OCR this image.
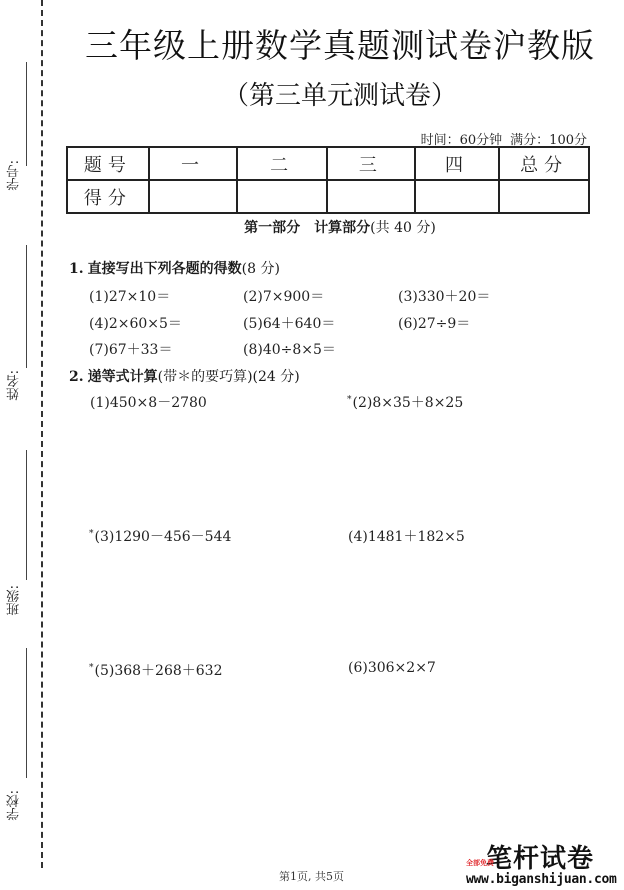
学号:
姓名:
班级:
学校:
三年级上册数学真题测试卷沪教版
（第三单元测试卷）
时间：60分钟 满分：100分
题号	一	二	三	四	总分
得分					
第一部分 计算部分(共 40 分)
1. 直接写出下列各题的得数(8 分)
(1)27×10＝	(2)7×900＝	(3)330＋20＝
(4)2×60×5＝	(5)64＋640＝	(6)27÷9＝
(7)67＋33＝	(8)40÷8×5＝
2. 递等式计算(带＊的要巧算)(24 分)
(1)450×8－2780	*(2)8×35＋8×25
*(3)1290－456－544	(4)1481＋182×5
*(5)368＋268＋632	(6)306×2×7
第1页, 共5页
笔杆试卷
全部免费
www.biganshijuan.com
